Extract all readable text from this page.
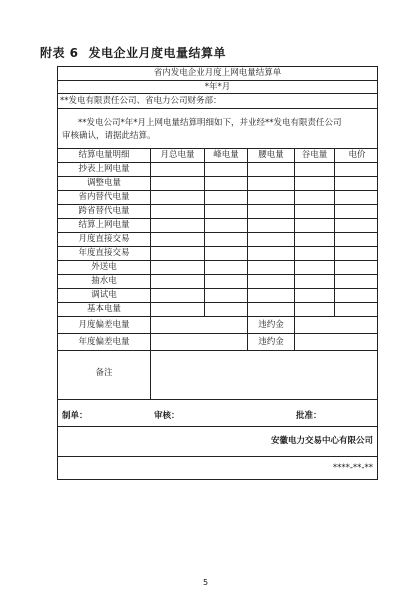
附表 6 发电企业月度电量结算单
省内发电企业月度上网电量结算单
*年*月
**发电有限责任公司、省电力公司财务部：
**发电公司*年*月上网电量结算明细如下，并业经**发电有限责任公司
审核确认，请据此结算。
结算电量明细	月总电量	峰电量	腰电量	谷电量	电价
抄表上网电量
调整电量
省内替代电量
跨省替代电量
结算上网电量
月度直接交易
年度直接交易
外送电
抽水电
调试电
基本电量
月度偏差电量	违约金
年度偏差电量	违约金
备注
制单：	审核：	批准：
安徽电力交易中心有限公司
****-**-**
5
